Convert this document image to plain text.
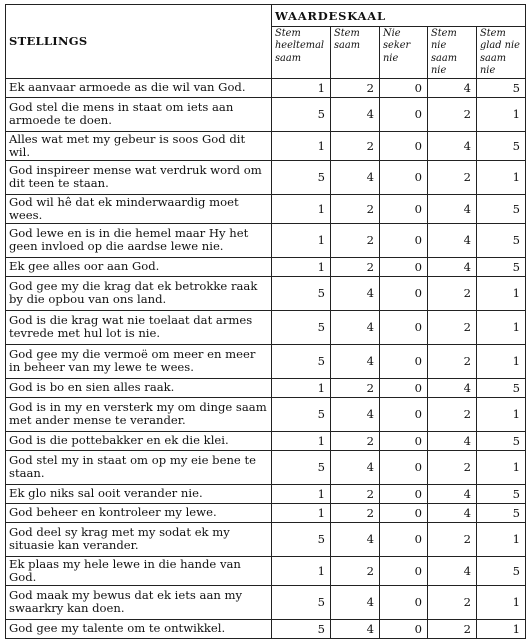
STELLINGS	WAARDESKAAL				
	Stem heeltemal saam	Stem saam	Nie seker nie	Stem nie saam nie	Stem glad nie saam nie
Ek aanvaar armoede as die wil van God.	1	2	0	4	5
God stel die mens in staat om iets aan armoede te doen.	5	4	0	2	1
Alles wat met my gebeur is soos God dit wil.	1	2	0	4	5
God inspireer mense wat verdruk word om dit teen te staan.	5	4	0	2	1
God wil hê dat ek minderwaardig moet wees.	1	2	0	4	5
God lewe en is in die hemel maar Hy het geen invloed op die aardse lewe nie.	1	2	0	4	5
Ek gee alles oor aan God.	1	2	0	4	5
God gee my die krag dat ek betrokke raak by die opbou van ons land.	5	4	0	2	1
God is die krag wat nie toelaat dat armes tevrede met hul lot is nie.	5	4	0	2	1
God gee my die vermoë om meer en meer in beheer van my lewe te wees.	5	4	0	2	1
God is bo en sien alles raak.	1	2	0	4	5
God is in my en versterk my om dinge saam met ander mense te verander.	5	4	0	2	1
God is die pottebakker en ek die klei.	1	2	0	4	5
God stel my in staat om op my eie bene te staan.	5	4	0	2	1
Ek glo niks sal ooit verander nie.	1	2	0	4	5
God beheer en kontroleer my lewe.	1	2	0	4	5
God deel sy krag met my sodat ek my situasie kan verander.	5	4	0	2	1
Ek plaas my hele lewe in die hande van God.	1	2	0	4	5
God maak my bewus dat ek iets aan my swaarkry kan doen.	5	4	0	2	1
God gee my talente om te ontwikkel.	5	4	0	2	1
